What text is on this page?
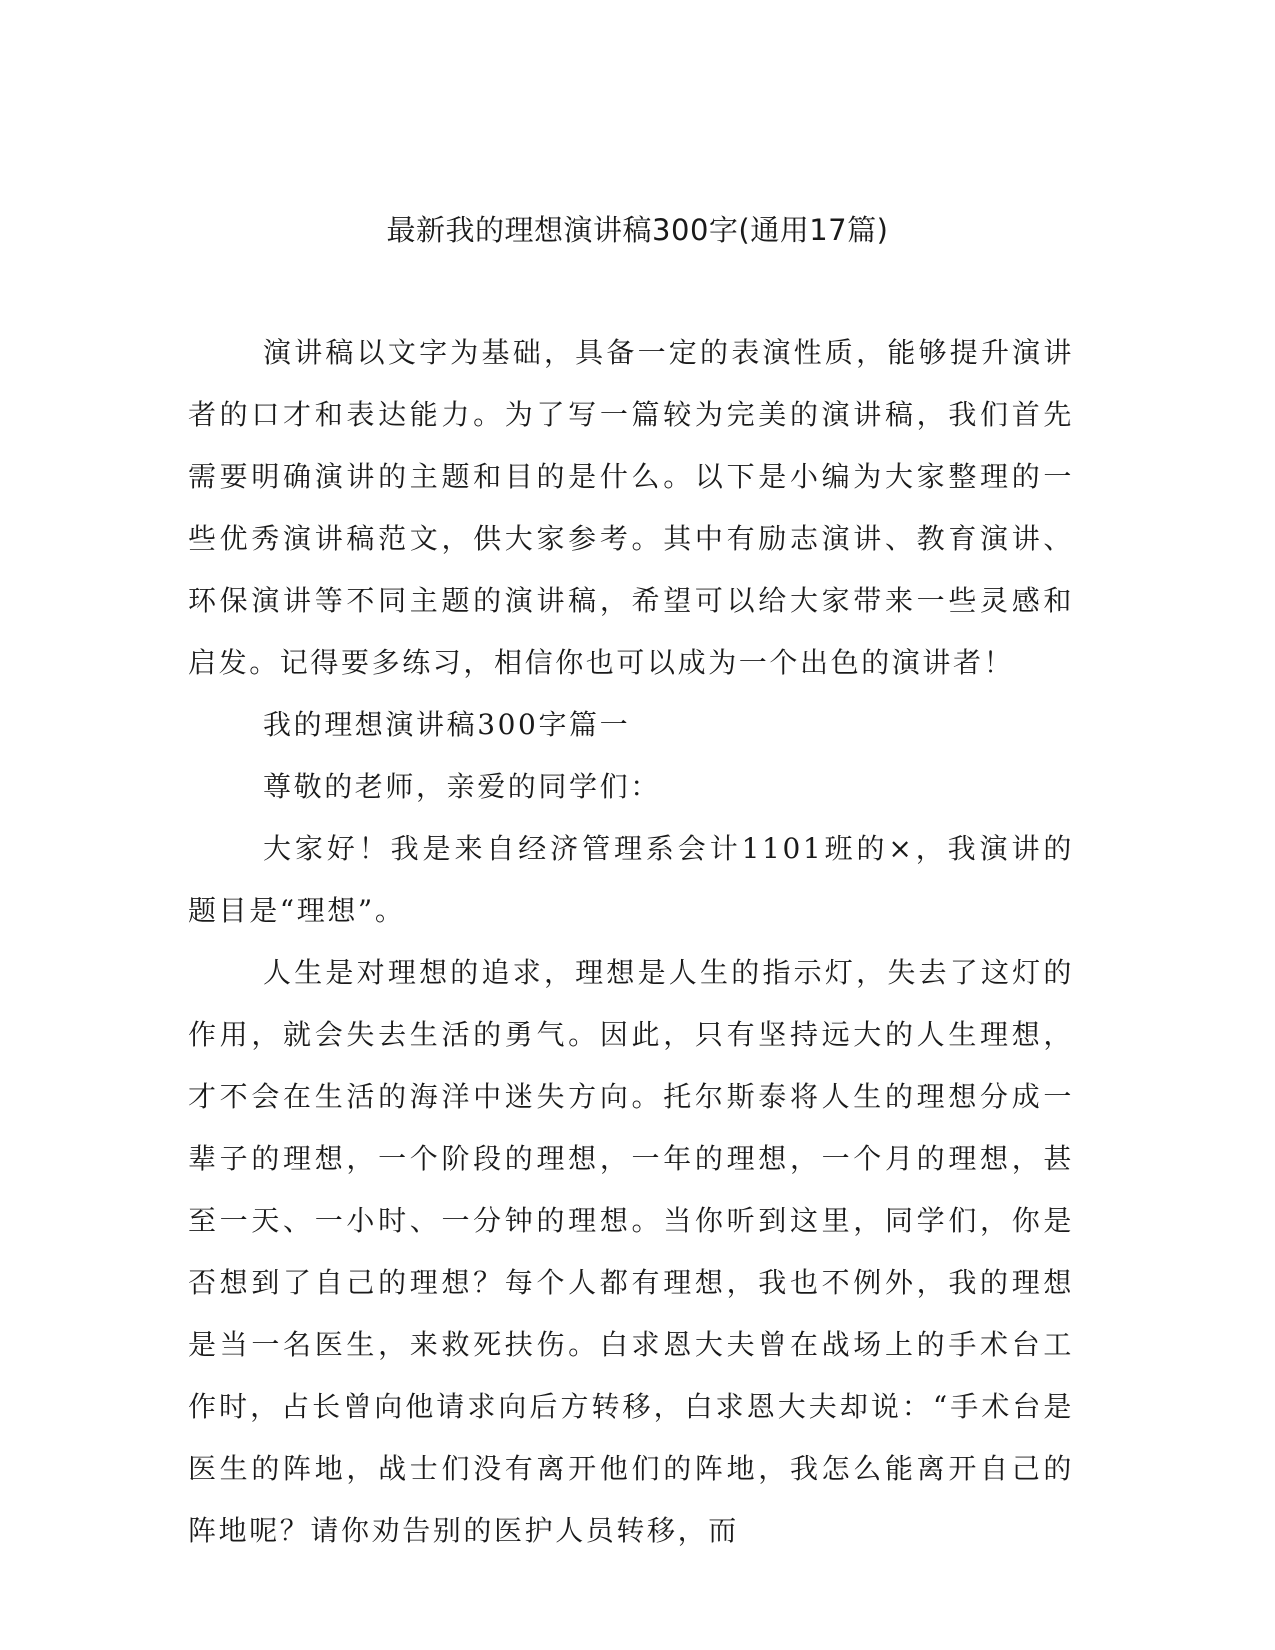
最新我的理想演讲稿300字(通用17篇)

演讲稿以文字为基础，具备一定的表演性质，能够提升演讲者的口才和表达能力。为了写一篇较为完美的演讲稿，我们首先需要明确演讲的主题和目的是什么。以下是小编为大家整理的一些优秀演讲稿范文，供大家参考。其中有励志演讲、教育演讲、环保演讲等不同主题的演讲稿，希望可以给大家带来一些灵感和启发。记得要多练习，相信你也可以成为一个出色的演讲者！

我的理想演讲稿300字篇一

尊敬的老师，亲爱的同学们：

大家好！我是来自经济管理系会计1101班的×，我演讲的题目是“理想”。

人生是对理想的追求，理想是人生的指示灯，失去了这灯的作用，就会失去生活的勇气。因此，只有坚持远大的人生理想，才不会在生活的海洋中迷失方向。托尔斯泰将人生的理想分成一辈子的理想，一个阶段的理想，一年的理想，一个月的理想，甚至一天、一小时、一分钟的理想。当你听到这里，同学们，你是否想到了自己的理想？每个人都有理想，我也不例外，我的理想是当一名医生，来救死扶伤。白求恩大夫曾在战场上的手术台工作时，占长曾向他请求向后方转移，白求恩大夫却说：“手术台是医生的阵地，战士们没有离开他们的阵地，我怎么能离开自己的阵地呢？请你劝告别的医护人员转移，而
